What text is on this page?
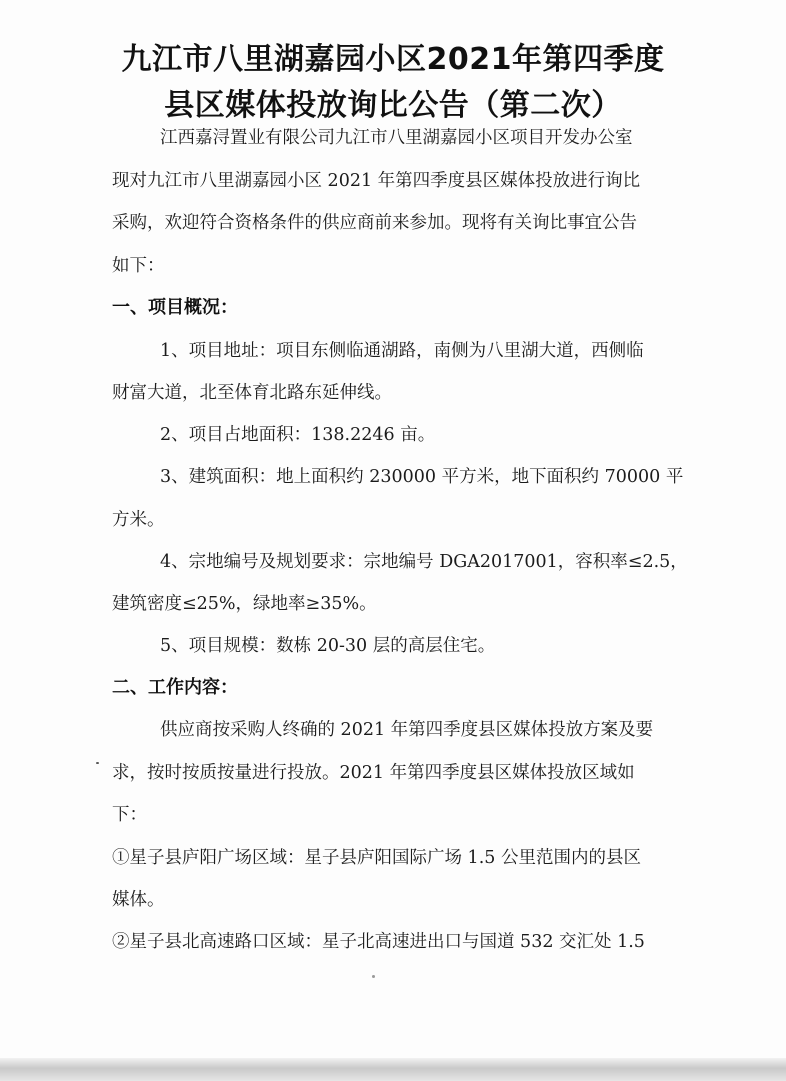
九江市八里湖嘉园小区2021年第四季度
县区媒体投放询比公告（第二次）
江西嘉浔置业有限公司九江市八里湖嘉园小区项目开发办公室
现对九江市八里湖嘉园小区 2021 年第四季度县区媒体投放进行询比
采购，欢迎符合资格条件的供应商前来参加。现将有关询比事宜公告
如下：
一、项目概况：
1、项目地址：项目东侧临通湖路，南侧为八里湖大道，西侧临
财富大道，北至体育北路东延伸线。
2、项目占地面积：138.2246 亩。
3、建筑面积：地上面积约 230000 平方米，地下面积约 70000 平
方米。
4、宗地编号及规划要求：宗地编号 DGA2017001，容积率≤2.5，
建筑密度≤25%，绿地率≥35%。
5、项目规模：数栋 20-30 层的高层住宅。
二、工作内容：
供应商按采购人终确的 2021 年第四季度县区媒体投放方案及要
求，按时按质按量进行投放。2021 年第四季度县区媒体投放区域如
下：
①星子县庐阳广场区域：星子县庐阳国际广场 1.5 公里范围内的县区
媒体。
②星子县北高速路口区域：星子北高速进出口与国道 532 交汇处 1.5
